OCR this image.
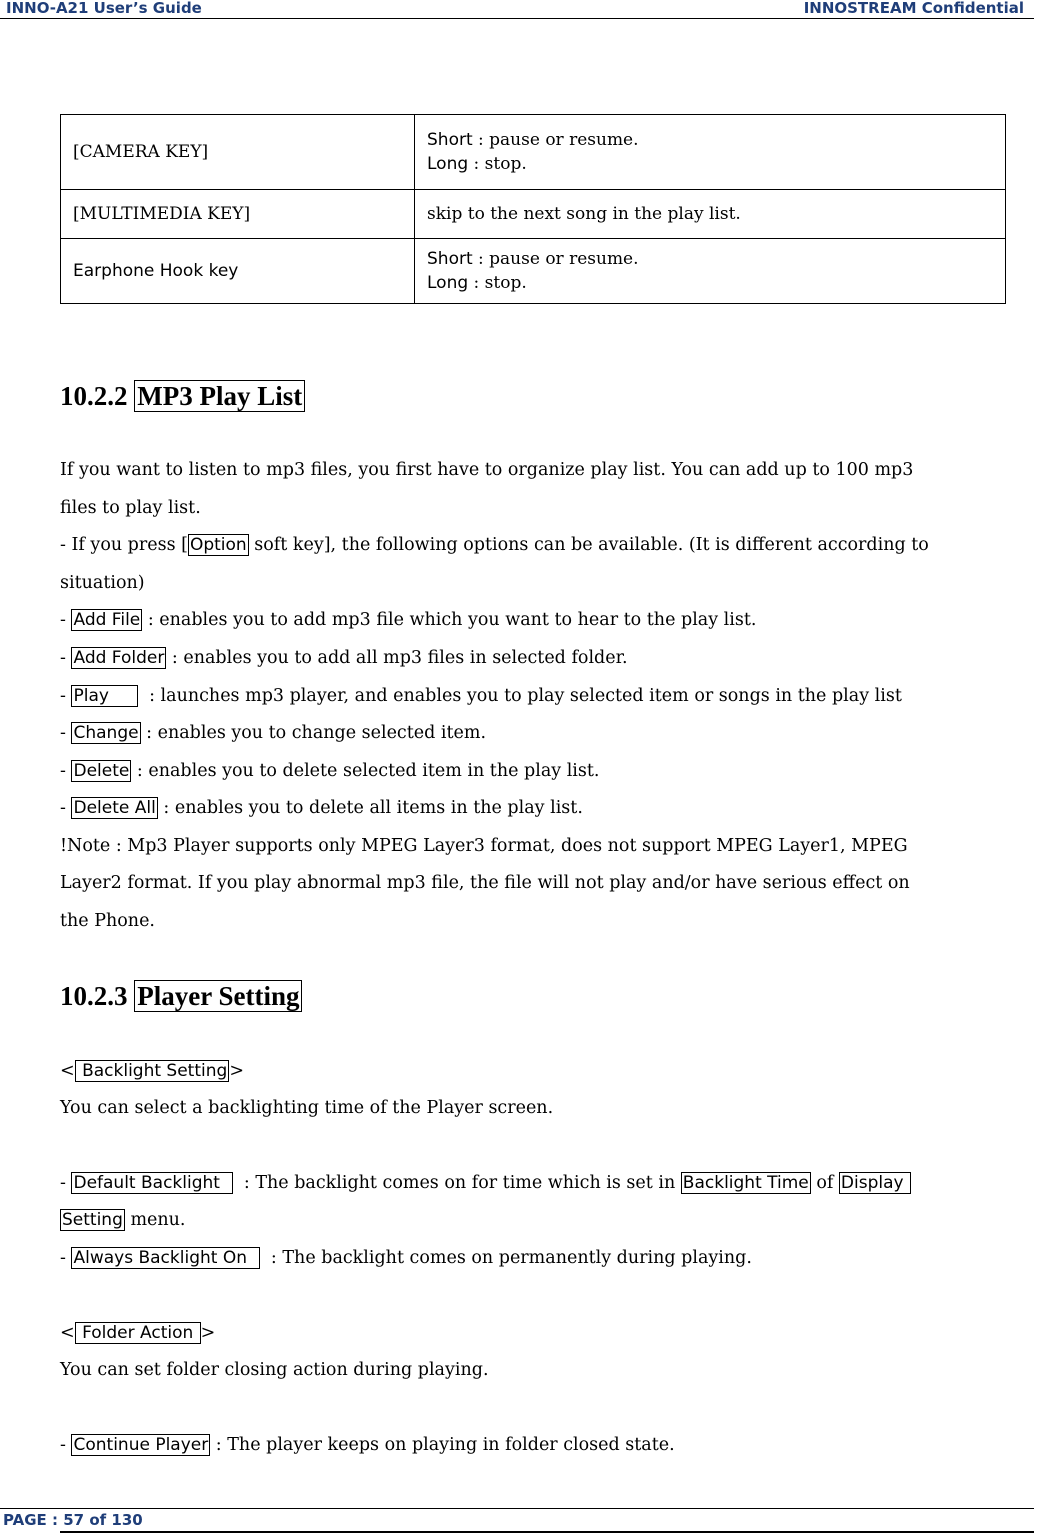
INNO-A21 User’s Guide	INNOSTREAM Confidential
[CAMERA KEY]	Short : pause or resume.
Long : stop.

[MULTIMEDIA KEY]	skip to the next song in the play list.
Earphone Hook key	Short : pause or resume.
Long : stop.
10.2.2 MP3 Play List
If you want to listen to mp3 files, you first have to organize play list. You can add up to 100 mp3
files to play list.
- If you press [ Option soft key], the following options can be available. (It is different according to
situation)
- Add File : enables you to add mp3 file which you want to hear to the play list.
- Add Folder : enables you to add all mp3 files in selected folder.
- Play       : launches mp3 player, and enables you to play selected item or songs in the play list
- Change : enables you to change selected item.
- Delete : enables you to delete selected item in the play list.
- Delete All : enables you to delete all items in the play list.
!Note : Mp3 Player supports only MPEG Layer3 format, does not support MPEG Layer1, MPEG
Layer2 format. If you play abnormal mp3 file, the file will not play and/or have serious effect on
the Phone.
10.2.3 Player Setting
< Backlight Setting >
You can select a backlighting time of the Player screen.
- Default Backlight    : The backlight comes on for time which is set in Backlight Time of Display
Setting menu.
- Always Backlight On    : The backlight comes on permanently during playing.
< Folder Action >
You can set folder closing action during playing.
- Continue Player : The player keeps on playing in folder closed state.
PAGE : 57 of 130
